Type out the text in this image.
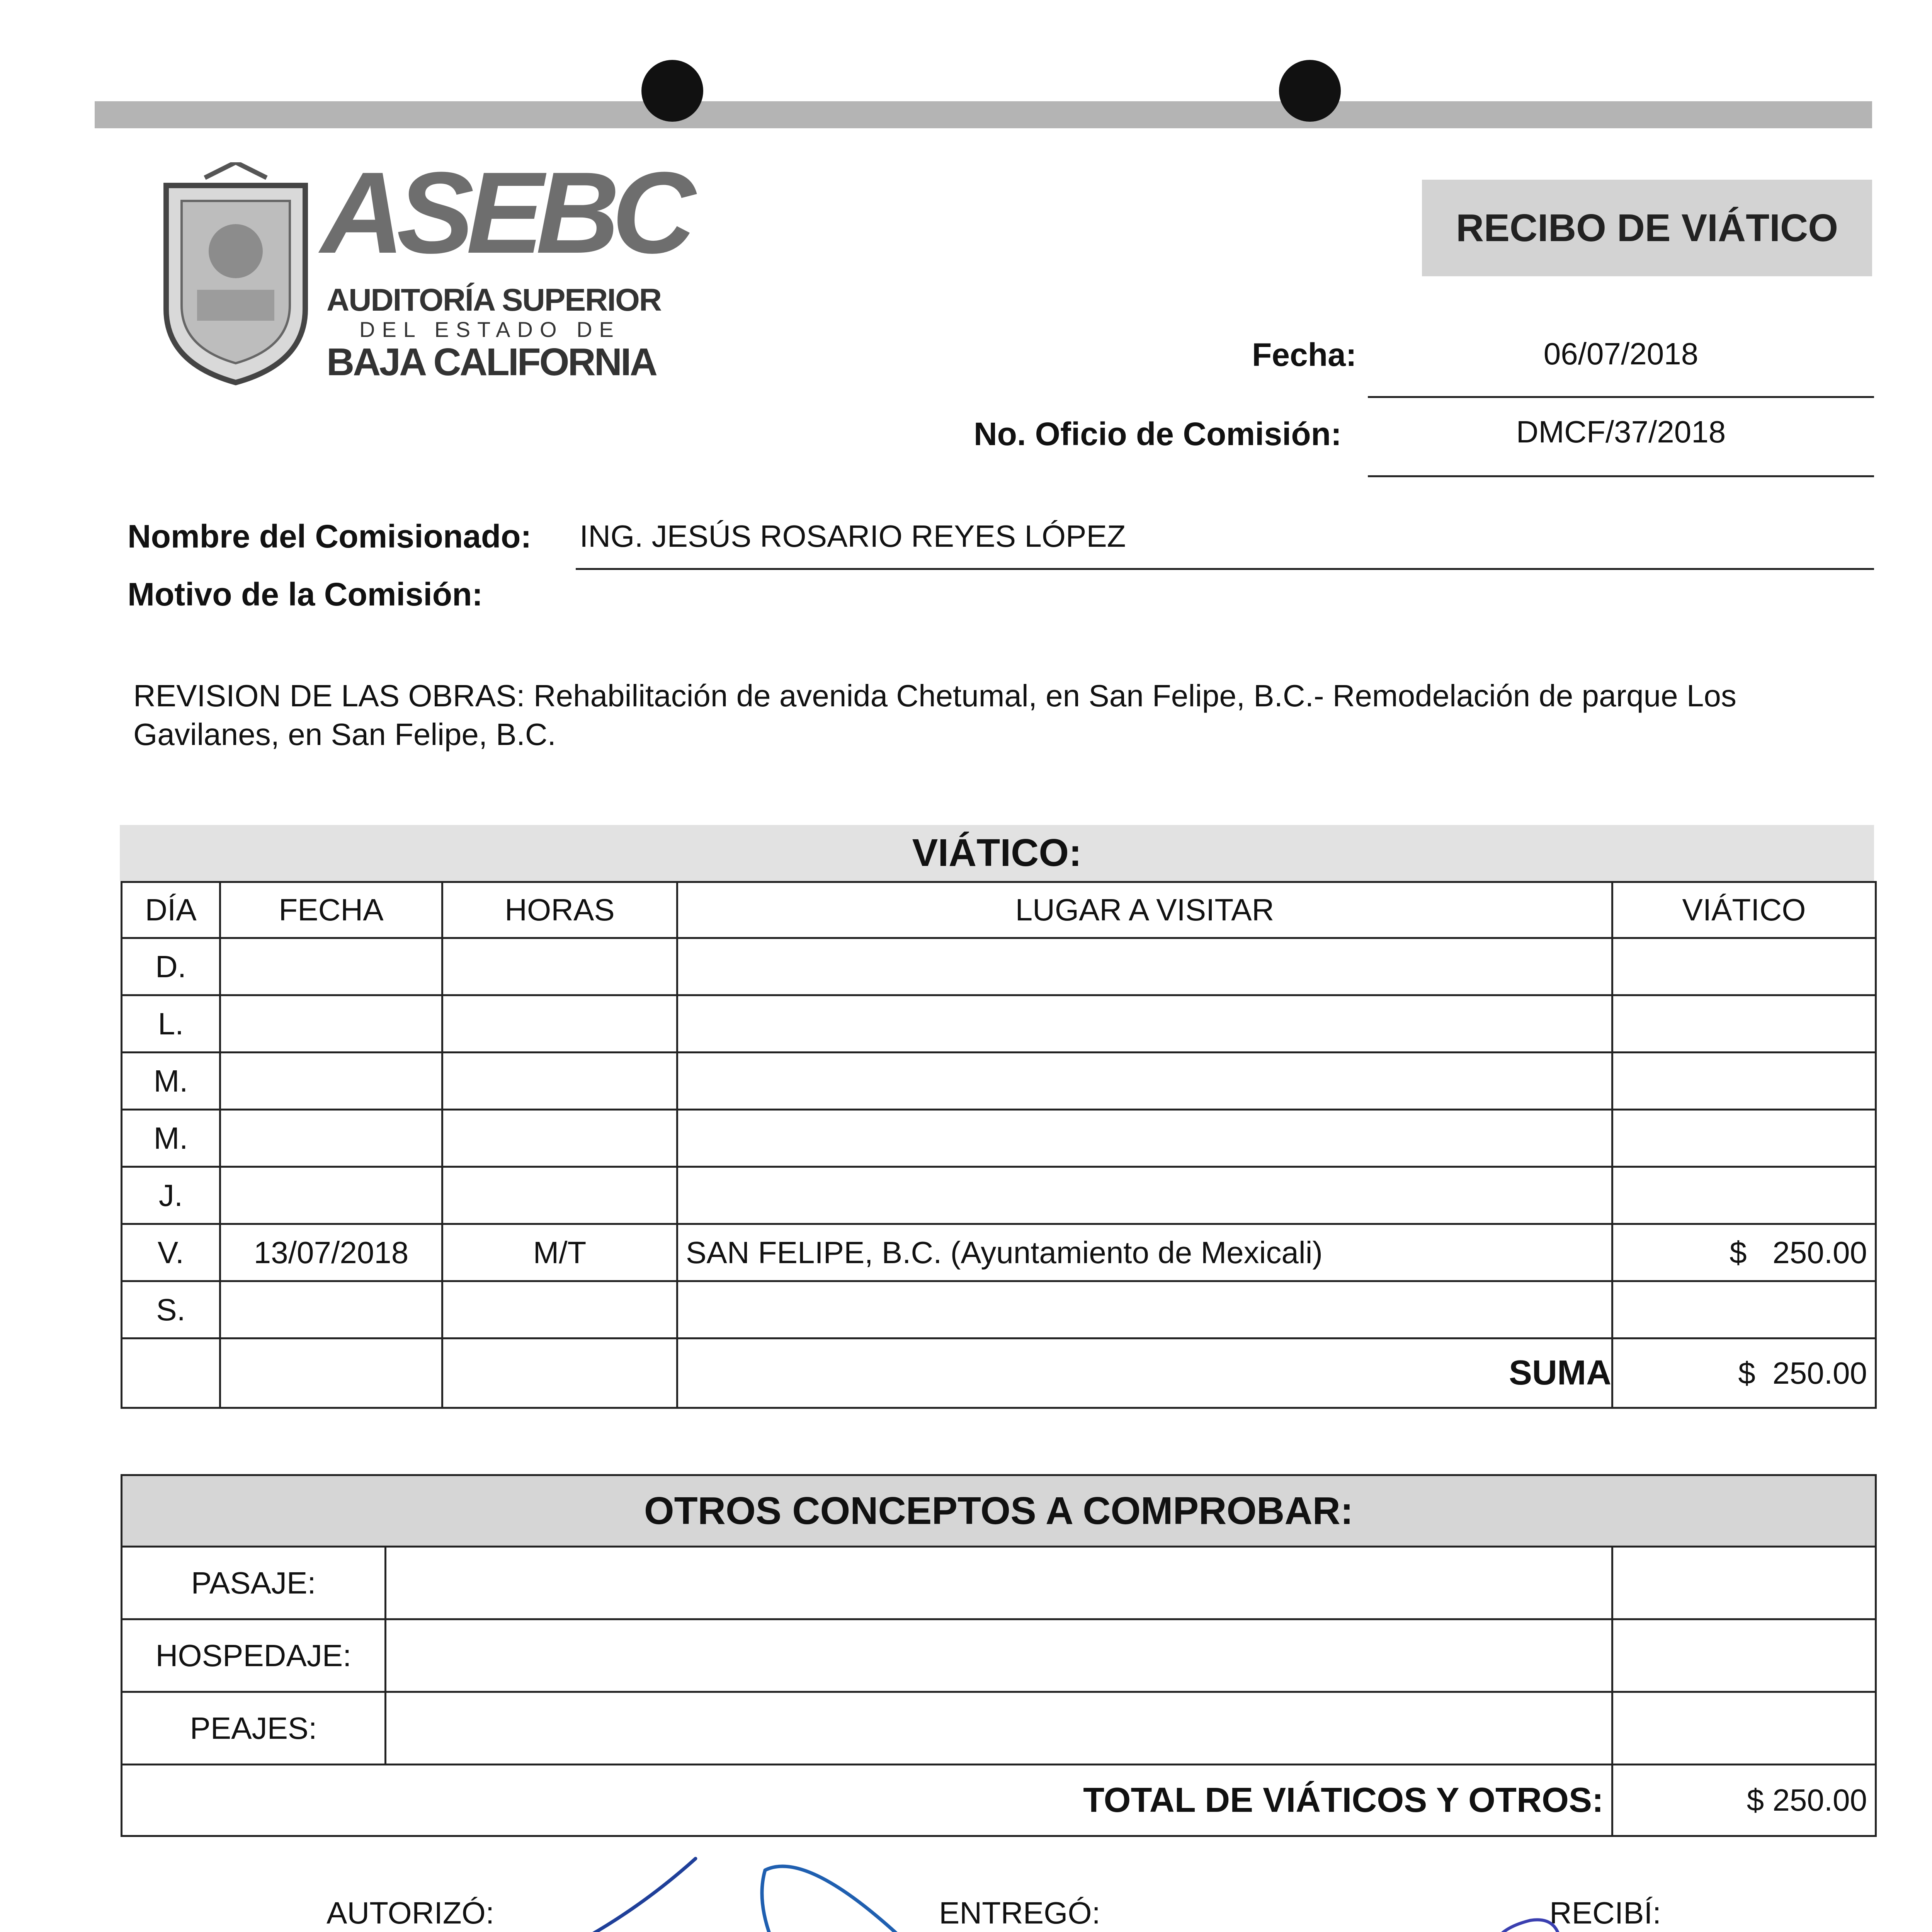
ASEBC
AUDITORÍA SUPERIOR
DEL ESTADO DE
BAJA CALIFORNIA
RECIBO DE VIÁTICO
Fecha:	06/07/2018
No. Oficio de Comisión:	DMCF/37/2018
Nombre del Comisionado: ING. JESÚS ROSARIO REYES LÓPEZ
Motivo de la Comisión:
REVISION DE LAS OBRAS: Rehabilitación de avenida Chetumal, en San Felipe, B.C.- Remodelación de parque Los
Gavilanes, en San Felipe, B.C.
VIÁTICO:
DÍA	FECHA	HORAS	LUGAR A VISITAR	VIÁTICO
D.				
L.				
M.				
M.				
J.				
V.	13/07/2018	M/T	SAN FELIPE, B.C. (Ayuntamiento de Mexicali)	$   250.00
S.				
			SUMA	$  250.00
OTROS CONCEPTOS A COMPROBAR:		
PASAJE:		
HOSPEDAJE:		
PEAJES:		
TOTAL DE VIÁTICOS Y OTROS:		$ 250.00
AUTORIZÓ:	ENTREGÓ:	RECIBÍ:
